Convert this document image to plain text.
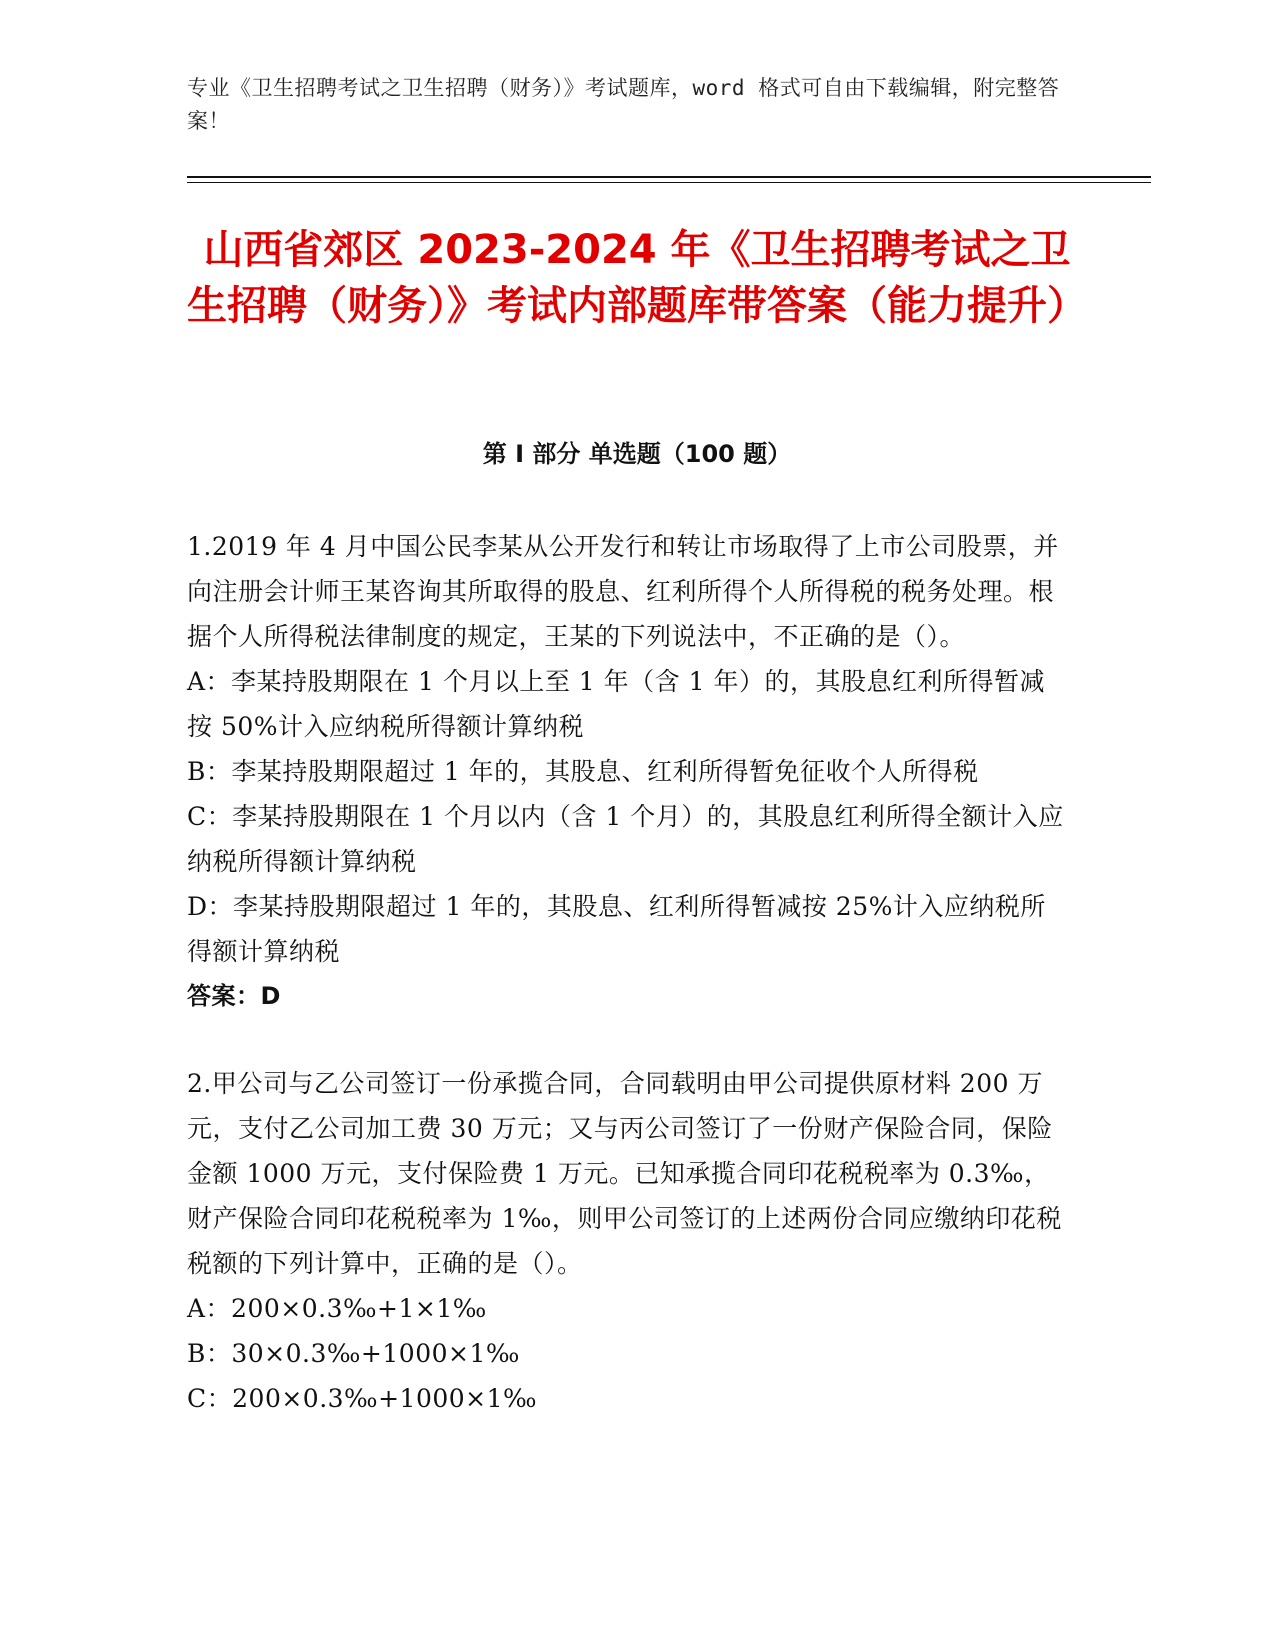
专业《卫生招聘考试之卫生招聘（财务）》考试题库，word 格式可自由下载编辑，附完整答案！
山西省郊区 2023-2024 年《卫生招聘考试之卫生招聘（财务）》考试内部题库带答案（能力提升）
第 I 部分 单选题（100 题）

1.2019 年 4 月中国公民李某从公开发行和转让市场取得了上市公司股票，并向注册会计师王某咨询其所取得的股息、红利所得个人所得税的税务处理。根据个人所得税法律制度的规定，王某的下列说法中，不正确的是（）。

A：李某持股期限在 1 个月以上至 1 年（含 1 年）的，其股息红利所得暂减按 50%计入应纳税所得额计算纳税

B：李某持股期限超过 1 年的，其股息、红利所得暂免征收个人所得税

C：李某持股期限在 1 个月以内（含 1 个月）的，其股息红利所得全额计入应纳税所得额计算纳税

D：李某持股期限超过 1 年的，其股息、红利所得暂减按 25%计入应纳税所得额计算纳税

答案：D

2.甲公司与乙公司签订一份承揽合同，合同载明由甲公司提供原材料 200 万元，支付乙公司加工费 30 万元；又与丙公司签订了一份财产保险合同，保险金额 1000 万元，支付保险费 1 万元。已知承揽合同印花税税率为 0.3‰，财产保险合同印花税税率为 1‰，则甲公司签订的上述两份合同应缴纳印花税税额的下列计算中，正确的是（）。

A：200×0.3‰+1×1‰

B：30×0.3‰+1000×1‰

C：200×0.3‰+1000×1‰
